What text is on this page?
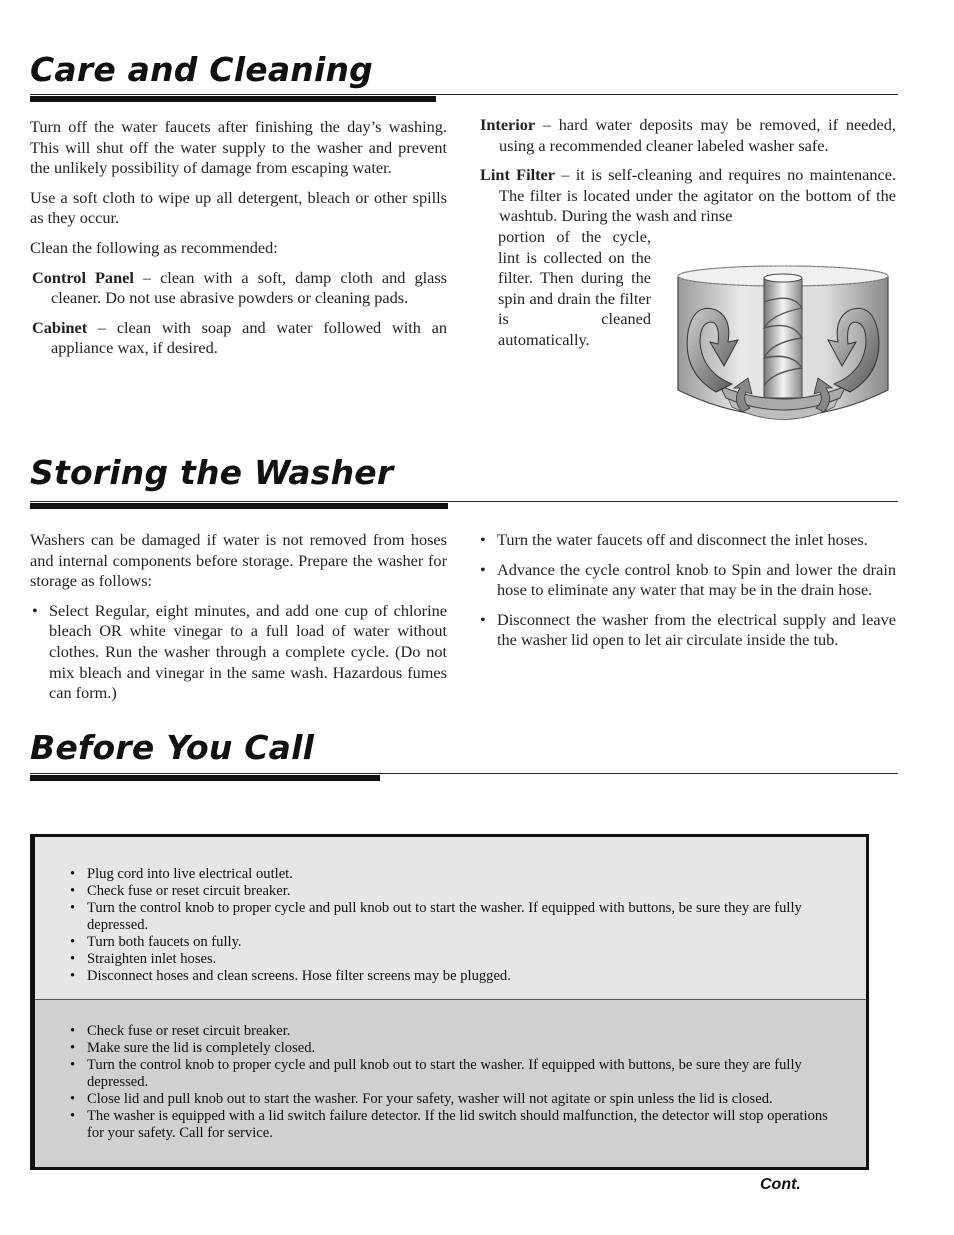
Care and Cleaning

Turn off the water faucets after finishing the day’s washing. This will shut off the water supply to the washer and prevent the unlikely possibility of damage from escaping water.

Use a soft cloth to wipe up all detergent, bleach or other spills as they occur.

Clean the following as recommended:

Control Panel – clean with a soft, damp cloth and glass cleaner. Do not use abrasive powders or cleaning pads.

Cabinet – clean with soap and water followed with an appliance wax, if desired.

Interior – hard water deposits may be removed, if needed, using a recommended cleaner labeled washer safe.

Lint Filter – it is self-cleaning and requires no maintenance. The filter is located under the agitator on the bottom of the washtub. During the wash and rinse

portion of the cycle, lint is collected on the filter. Then during the spin and drain the filter is cleaned automatically.

Storing the Washer

Washers can be damaged if water is not removed from hoses and internal components before storage. Prepare the washer for storage as follows:

• Select Regular, eight minutes, and add one cup of chlorine bleach OR white vinegar to a full load of water without clothes. Run the washer through a complete cycle. (Do not mix bleach and vinegar in the same wash. Hazardous fumes can form.)
• Turn the water faucets off and disconnect the inlet hoses.
• Advance the cycle control knob to Spin and lower the drain hose to eliminate any water that may be in the drain hose.
• Disconnect the washer from the electrical supply and leave the washer lid open to let air circulate inside the tub.
Before You Call
• Plug cord into live electrical outlet.
• Check fuse or reset circuit breaker.
• Turn the control knob to proper cycle and pull knob out to start the washer. If equipped with buttons, be sure they are fully depressed.
• Turn both faucets on fully.
• Straighten inlet hoses.
• Disconnect hoses and clean screens. Hose filter screens may be plugged.
• Check fuse or reset circuit breaker.
• Make sure the lid is completely closed.
• Turn the control knob to proper cycle and pull knob out to start the washer. If equipped with buttons, be sure they are fully depressed.
• Close lid and pull knob out to start the washer. For your safety, washer will not agitate or spin unless the lid is closed.
• The washer is equipped with a lid switch failure detector. If the lid switch should malfunction, the detector will stop operations for your safety. Call for service.
Cont.
